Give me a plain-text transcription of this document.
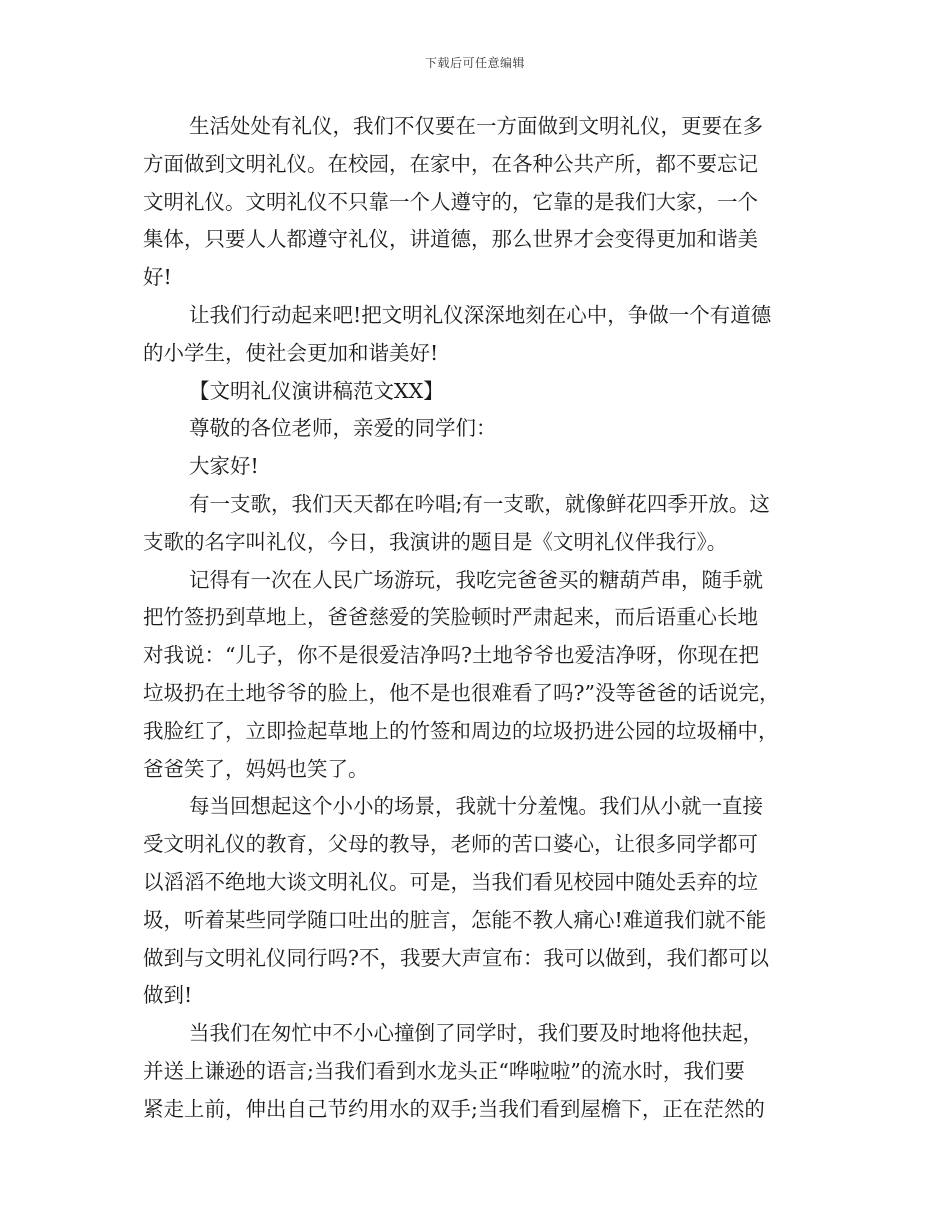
下载后可任意编辑
生活处处有礼仪，我们不仅要在一方面做到文明礼仪，更要在多
方面做到文明礼仪。在校园，在家中，在各种公共产所，都不要忘记
文明礼仪。文明礼仪不只靠一个人遵守的，它靠的是我们大家，一个
集体，只要人人都遵守礼仪，讲道德，那么世界才会变得更加和谐美
好!
让我们行动起来吧!把文明礼仪深深地刻在心中，争做一个有道德
的小学生，使社会更加和谐美好!
【文明礼仪演讲稿范文XX】
尊敬的各位老师，亲爱的同学们：
大家好!
有一支歌，我们天天都在吟唱;有一支歌，就像鲜花四季开放。这
支歌的名字叫礼仪，今日，我演讲的题目是《文明礼仪伴我行》。
记得有一次在人民广场游玩，我吃完爸爸买的糖葫芦串，随手就
把竹签扔到草地上，爸爸慈爱的笑脸顿时严肃起来，而后语重心长地
对我说：“儿子，你不是很爱洁净吗?土地爷爷也爱洁净呀，你现在把
垃圾扔在土地爷爷的脸上，他不是也很难看了吗?”没等爸爸的话说完，
我脸红了，立即捡起草地上的竹签和周边的垃圾扔进公园的垃圾桶中，
爸爸笑了，妈妈也笑了。
每当回想起这个小小的场景，我就十分羞愧。我们从小就一直接
受文明礼仪的教育，父母的教导，老师的苦口婆心，让很多同学都可
以滔滔不绝地大谈文明礼仪。可是，当我们看见校园中随处丢弃的垃
圾，听着某些同学随口吐出的脏言，怎能不教人痛心!难道我们就不能
做到与文明礼仪同行吗?不，我要大声宣布：我可以做到，我们都可以
做到!
当我们在匆忙中不小心撞倒了同学时，我们要及时地将他扶起，
并送上谦逊的语言;当我们看到水龙头正“哗啦啦”的流水时，我们要
紧走上前，伸出自己节约用水的双手;当我们看到屋檐下，正在茫然的
